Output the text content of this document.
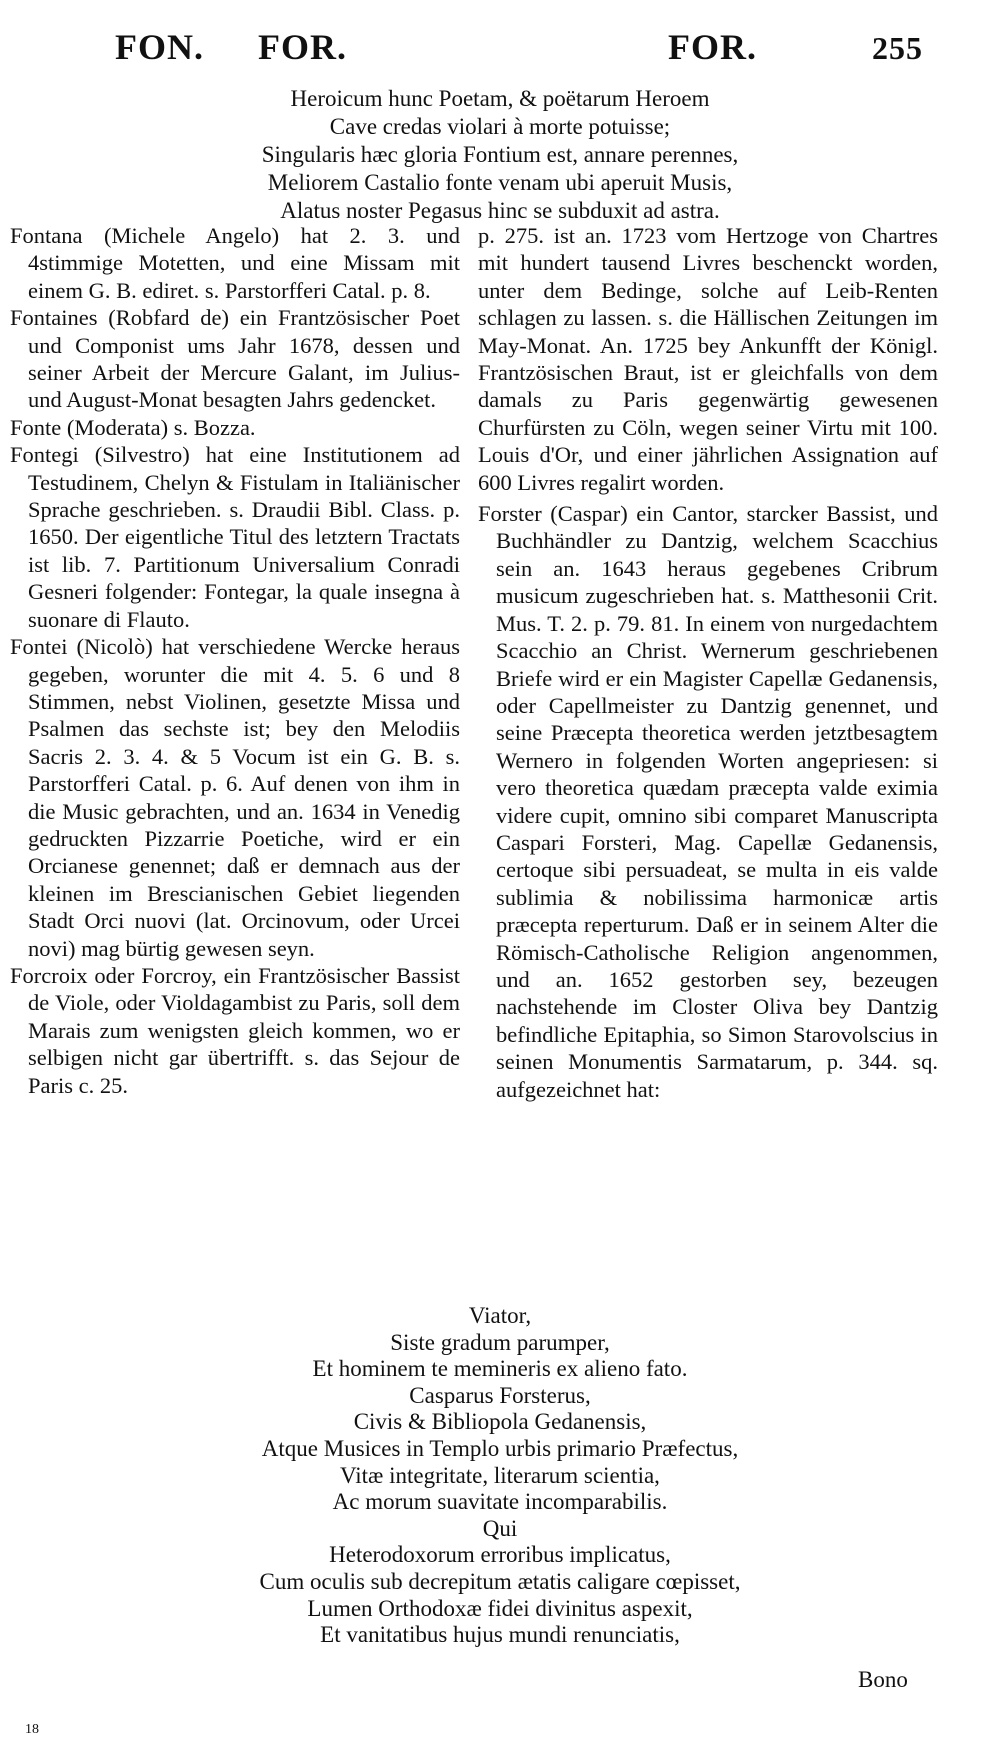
FON. FOR.	FOR.	255
Heroicum hunc Poetam, & poëtarum Heroem
Cave credas violari à morte potuisse;
Singularis hæc gloria Fontium est, annare perennes,
Meliorem Castalio fonte venam ubi aperuit Musis,
Alatus noster Pegasus hinc se subduxit ad astra.

Fontana (Michele Angelo) hat 2. 3. und 4stimmige Motetten, und eine Missam mit einem G. B. ediret. s. Parstorfferi Catal. p. 8.

Fontaines (Robfard de) ein Frantzösischer Poet und Componist ums Jahr 1678, dessen und seiner Arbeit der Mercure Galant, im Julius- und August-Monat besagten Jahrs gedencket.

Fonte (Moderata) s. Bozza.

Fontegi (Silvestro) hat eine Institutionem ad Testudinem, Chelyn & Fistulam in Italiänischer Sprache geschrieben. s. Draudii Bibl. Class. p. 1650. Der eigentliche Titul des letztern Tractats ist lib. 7. Partitionum Universalium Conradi Gesneri folgender: Fontegar, la quale insegna à suonare di Flauto.

Fontei (Nicolò) hat verschiedene Wercke heraus gegeben, worunter die mit 4. 5. 6 und 8 Stimmen, nebst Violinen, gesetzte Missa und Psalmen das sechste ist; bey den Melodiis Sacris 2. 3. 4. & 5 Vocum ist ein G. B. s. Parstorfferi Catal. p. 6. Auf denen von ihm in die Music gebrachten, und an. 1634 in Venedig gedruckten Pizzarrie Poetiche, wird er ein Orcianese genennet; daß er demnach aus der kleinen im Brescianischen Gebiet liegenden Stadt Orci nuovi (lat. Orcinovum, oder Urcei novi) mag bürtig gewesen seyn.

Forcroix oder Forcroy, ein Frantzösischer Bassist de Viole, oder Violdagambist zu Paris, soll dem Marais zum wenigsten gleich kommen, wo er selbigen nicht gar übertrifft. s. das Sejour de Paris c. 25.

p. 275. ist an. 1723 vom Hertzoge von Chartres mit hundert tausend Livres beschenckt worden, unter dem Bedinge, solche auf Leib-Renten schlagen zu lassen. s. die Hällischen Zeitungen im May-Monat. An. 1725 bey Ankunfft der Königl. Frantzösischen Braut, ist er gleichfalls von dem damals zu Paris gegenwärtig gewesenen Churfürsten zu Cöln, wegen seiner Virtu mit 100. Louis d'Or, und einer jährlichen Assignation auf 600 Livres regalirt worden.

Forster (Caspar) ein Cantor, starcker Bassist, und Buchhändler zu Dantzig, welchem Scacchius sein an. 1643 heraus gegebenes Cribrum musicum zugeschrieben hat. s. Matthesonii Crit. Mus. T. 2. p. 79. 81. In einem von nurgedachtem Scacchio an Christ. Wernerum geschriebenen Briefe wird er ein Magister Capellæ Gedanensis, oder Capellmeister zu Dantzig genennet, und seine Præcepta theoretica werden jetztbesagtem Wernero in folgenden Worten angepriesen: si vero theoretica quædam præcepta valde eximia videre cupit, omnino sibi comparet Manuscripta Caspari Forsteri, Mag. Capellæ Gedanensis, certoque sibi persuadeat, se multa in eis valde sublimia & nobilissima harmonicæ artis præcepta reperturum. Daß er in seinem Alter die Römisch-Catholische Religion angenommen, und an. 1652 gestorben sey, bezeugen nachstehende im Closter Oliva bey Dantzig befindliche Epitaphia, so Simon Starovolscius in seinen Monumentis Sarmatarum, p. 344. sq. aufgezeichnet hat:

Viator,
Siste gradum parumper,
Et hominem te memineris ex alieno fato.
Casparus Forsterus,
Civis & Bibliopola Gedanensis,
Atque Musices in Templo urbis primario Præfectus,
Vitæ integritate, literarum scientia,
Ac morum suavitate incomparabilis.
Qui
Heterodoxorum erroribus implicatus,
Cum oculis sub decrepitum ætatis caligare cœpisset,
Lumen Orthodoxæ fidei divinitus aspexit,
Et vanitatibus hujus mundi renunciatis,
Bono
18
